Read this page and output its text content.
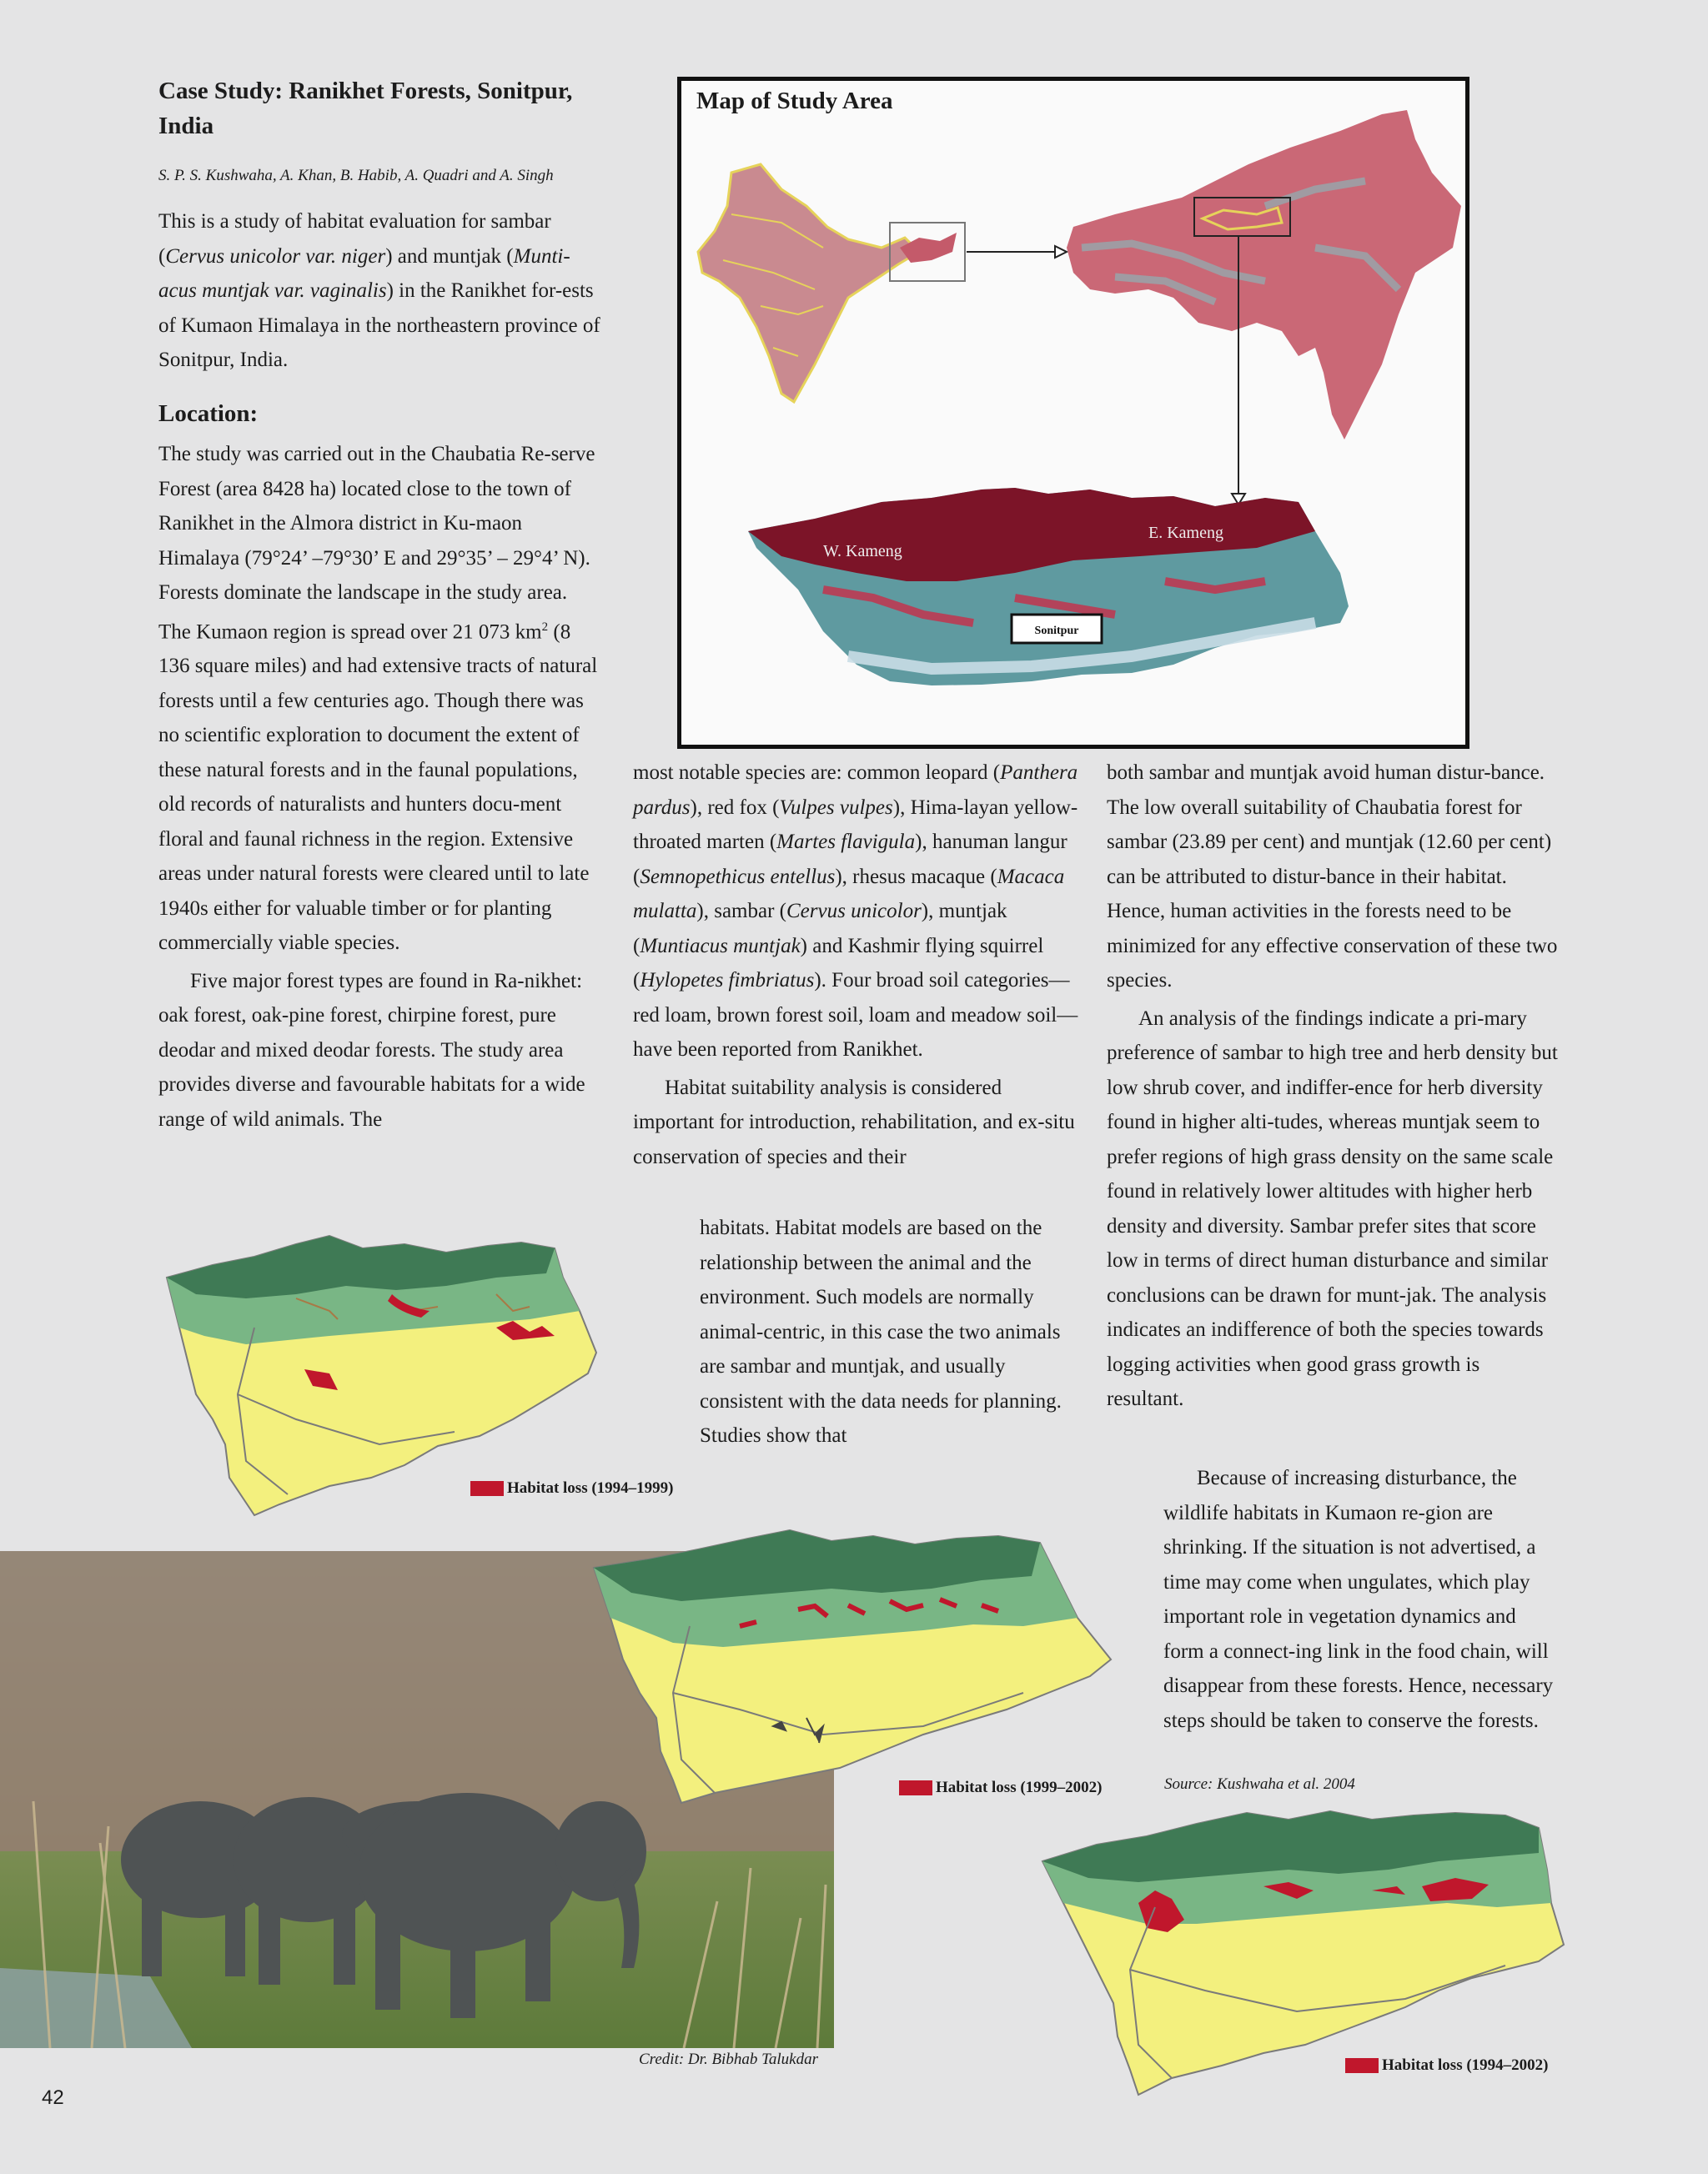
Case Study: Ranikhet Forests, Sonitpur, India
S. P. S. Kushwaha, A. Khan, B. Habib, A. Quadri and A. Singh

This is a study of habitat evaluation for sambar (Cervus unicolor var. niger) and muntjak (Munti-acus muntjak var. vaginalis) in the Ranikhet for-ests of Kumaon Himalaya in the northeastern province of Sonitpur, India.

Location:

The study was carried out in the Chaubatia Re-serve Forest (area 8428 ha) located close to the town of Ranikhet in the Almora district in Ku-maon Himalaya (79°24’ –79°30’ E and 29°35’ – 29°4’ N). Forests dominate the landscape in the study area. The Kumaon region is spread over 21 073 $km^2$ (8 136 square miles) and had extensive tracts of natural forests until a few centuries ago. Though there was no scientific exploration to document the extent of these natural forests and in the faunal populations, old records of naturalists and hunters docu-ment floral and faunal richness in the region. Extensive areas under natural forests were cleared until to late 1940s either for valuable timber or for planting commercially viable species.

Five major forest types are found in Ra-nikhet: oak forest, oak-pine forest, chirpine forest, pure deodar and mixed deodar forests. The study area provides diverse and favourable habitats for a wide range of wild animals. The

Map of Study Area
W. Kameng
E. Kameng
Sonitpur

most notable species are: common leopard (Panthera pardus), red fox (Vulpes vulpes), Hima-layan yellow-throated marten (Martes flavigula), hanuman langur (Semnopethicus entellus), rhesus macaque (Macaca mulatta), sambar (Cervus unicolor), muntjak (Muntiacus muntjak) and Kashmir flying squirrel (Hylopetes fimbriatus). Four broad soil categories—red loam, brown forest soil, loam and meadow soil—have been reported from Ranikhet.

Habitat suitability analysis is considered important for introduction, rehabilitation, and ex-situ conservation of species and their

habitats. Habitat models are based on the relationship between the animal and the environment. Such models are normally animal-centric, in this case the two animals are sambar and muntjak, and usually consistent with the data needs for planning. Studies show that

both sambar and muntjak avoid human distur-bance. The low overall suitability of Chaubatia forest for sambar (23.89 per cent) and muntjak (12.60 per cent) can be attributed to distur-bance in their habitat. Hence, human activities in the forests need to be minimized for any effective conservation of these two species.

An analysis of the findings indicate a pri-mary preference of sambar to high tree and herb density but low shrub cover, and indiffer-ence for herb diversity found in higher alti-tudes, whereas muntjak seem to prefer regions of high grass density on the same scale found in relatively lower altitudes with higher herb density and diversity. Sambar prefer sites that score low in terms of direct human disturbance and similar conclusions can be drawn for munt-jak. The analysis indicates an indifference of both the species towards logging activities when good grass growth is resultant.

Because of increasing disturbance, the wildlife habitats in Kumaon re-gion are shrinking. If the situation is not advertised, a time may come when ungulates, which play important role in vegetation dynamics and form a connect-ing link in the food chain, will disappear from these forests. Hence, necessary steps should be taken to conserve the forests.

Source: Kushwaha et al. 2004
Habitat loss (1994–1999)
Credit: Dr. Bibhab Talukdar
Habitat loss (1999–2002)
Habitat loss (1994–2002)
42
